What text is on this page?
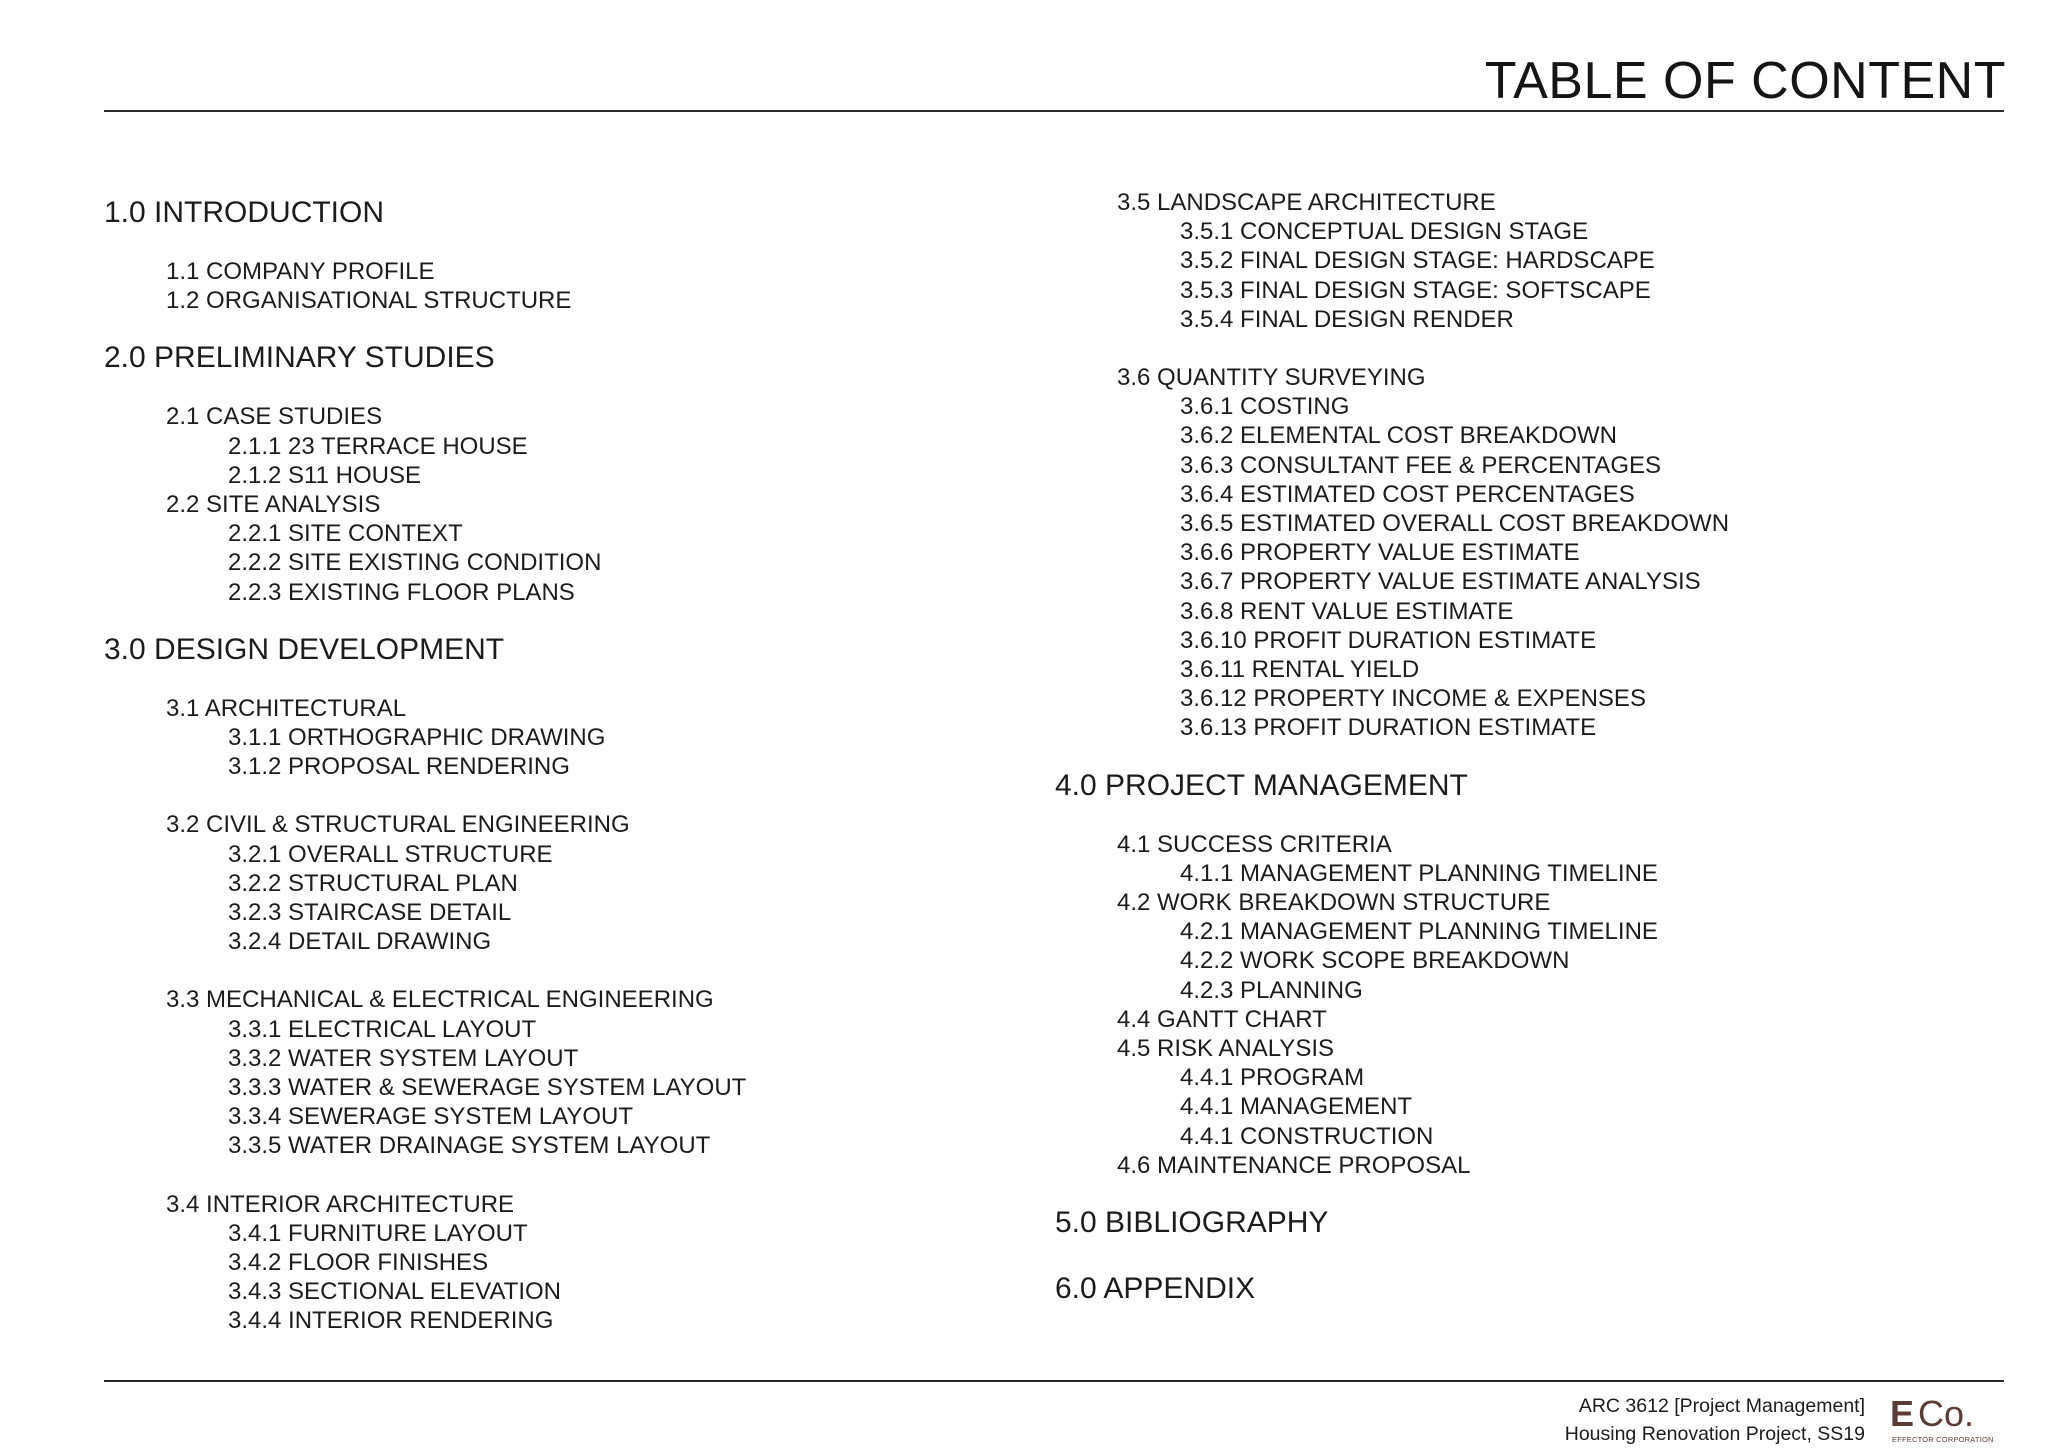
TABLE OF CONTENT
1.0 INTRODUCTION
1.1 COMPANY PROFILE
1.2 ORGANISATIONAL STRUCTURE
2.0 PRELIMINARY STUDIES
2.1 CASE STUDIES
2.1.1 23 TERRACE HOUSE
2.1.2 S11 HOUSE
2.2 SITE ANALYSIS
2.2.1 SITE CONTEXT
2.2.2 SITE EXISTING CONDITION
2.2.3 EXISTING FLOOR PLANS
3.0 DESIGN DEVELOPMENT
3.1 ARCHITECTURAL
3.1.1 ORTHOGRAPHIC DRAWING
3.1.2 PROPOSAL RENDERING
3.2 CIVIL & STRUCTURAL ENGINEERING
3.2.1 OVERALL STRUCTURE
3.2.2 STRUCTURAL PLAN
3.2.3 STAIRCASE DETAIL
3.2.4 DETAIL DRAWING
3.3 MECHANICAL & ELECTRICAL ENGINEERING
3.3.1 ELECTRICAL LAYOUT
3.3.2 WATER SYSTEM LAYOUT
3.3.3 WATER & SEWERAGE SYSTEM LAYOUT
3.3.4 SEWERAGE SYSTEM LAYOUT
3.3.5 WATER DRAINAGE SYSTEM LAYOUT
3.4 INTERIOR ARCHITECTURE
3.4.1 FURNITURE LAYOUT
3.4.2 FLOOR FINISHES
3.4.3 SECTIONAL ELEVATION
3.4.4 INTERIOR RENDERING
3.5 LANDSCAPE ARCHITECTURE
3.5.1 CONCEPTUAL DESIGN STAGE
3.5.2 FINAL DESIGN STAGE: HARDSCAPE
3.5.3 FINAL DESIGN STAGE: SOFTSCAPE
3.5.4 FINAL DESIGN RENDER
3.6 QUANTITY SURVEYING
3.6.1 COSTING
3.6.2 ELEMENTAL COST BREAKDOWN
3.6.3 CONSULTANT FEE & PERCENTAGES
3.6.4 ESTIMATED COST PERCENTAGES
3.6.5 ESTIMATED OVERALL COST BREAKDOWN
3.6.6 PROPERTY VALUE ESTIMATE
3.6.7 PROPERTY VALUE ESTIMATE ANALYSIS
3.6.8 RENT VALUE ESTIMATE
3.6.10 PROFIT DURATION ESTIMATE
3.6.11 RENTAL YIELD
3.6.12 PROPERTY INCOME & EXPENSES
3.6.13 PROFIT DURATION ESTIMATE
4.0 PROJECT MANAGEMENT
4.1 SUCCESS CRITERIA
4.1.1 MANAGEMENT PLANNING TIMELINE
4.2 WORK BREAKDOWN STRUCTURE
4.2.1 MANAGEMENT PLANNING TIMELINE
4.2.2 WORK SCOPE BREAKDOWN
4.2.3 PLANNING
4.4 GANTT CHART
4.5 RISK ANALYSIS
4.4.1 PROGRAM
4.4.1 MANAGEMENT
4.4.1 CONSTRUCTION
4.6 MAINTENANCE PROPOSAL
5.0 BIBLIOGRAPHY
6.0 APPENDIX
ARC 3612 [Project Management]
Housing Renovation Project, SS19 E Co.
EFFECTOR CORPORATION
